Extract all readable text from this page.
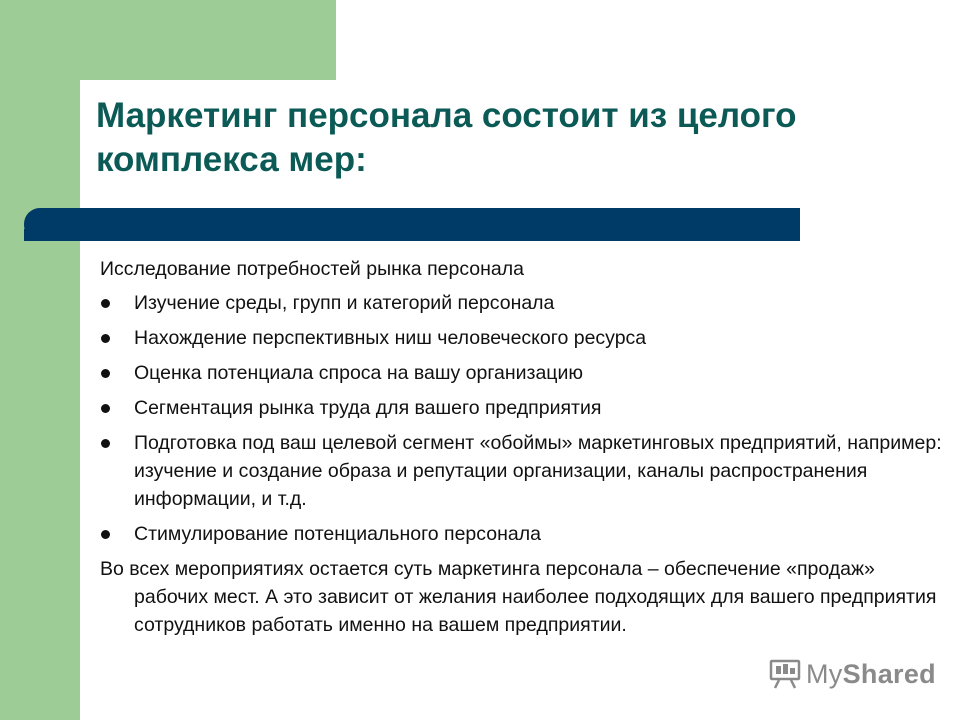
Маркетинг персонала состоит из целого комплекса мер:

Исследование потребностей рынка персонала

Изучение среды, групп и категорий персонала
Нахождение перспективных ниш человеческого ресурса
Оценка потенциала спроса на вашу организацию
Сегментация рынка труда для вашего предприятия
Подготовка под ваш целевой сегмент «обоймы» маркетинговых предприятий, например: изучение и создание образа и репутации организации, каналы распространения информации, и т.д.
Стимулирование потенциального персонала

Во всех мероприятиях остается суть маркетинга персонала – обеспечение «продаж» рабочих мест. А это зависит от желания наиболее подходящих для вашего предприятия сотрудников работать именно на вашем предприятии.

MyShared
